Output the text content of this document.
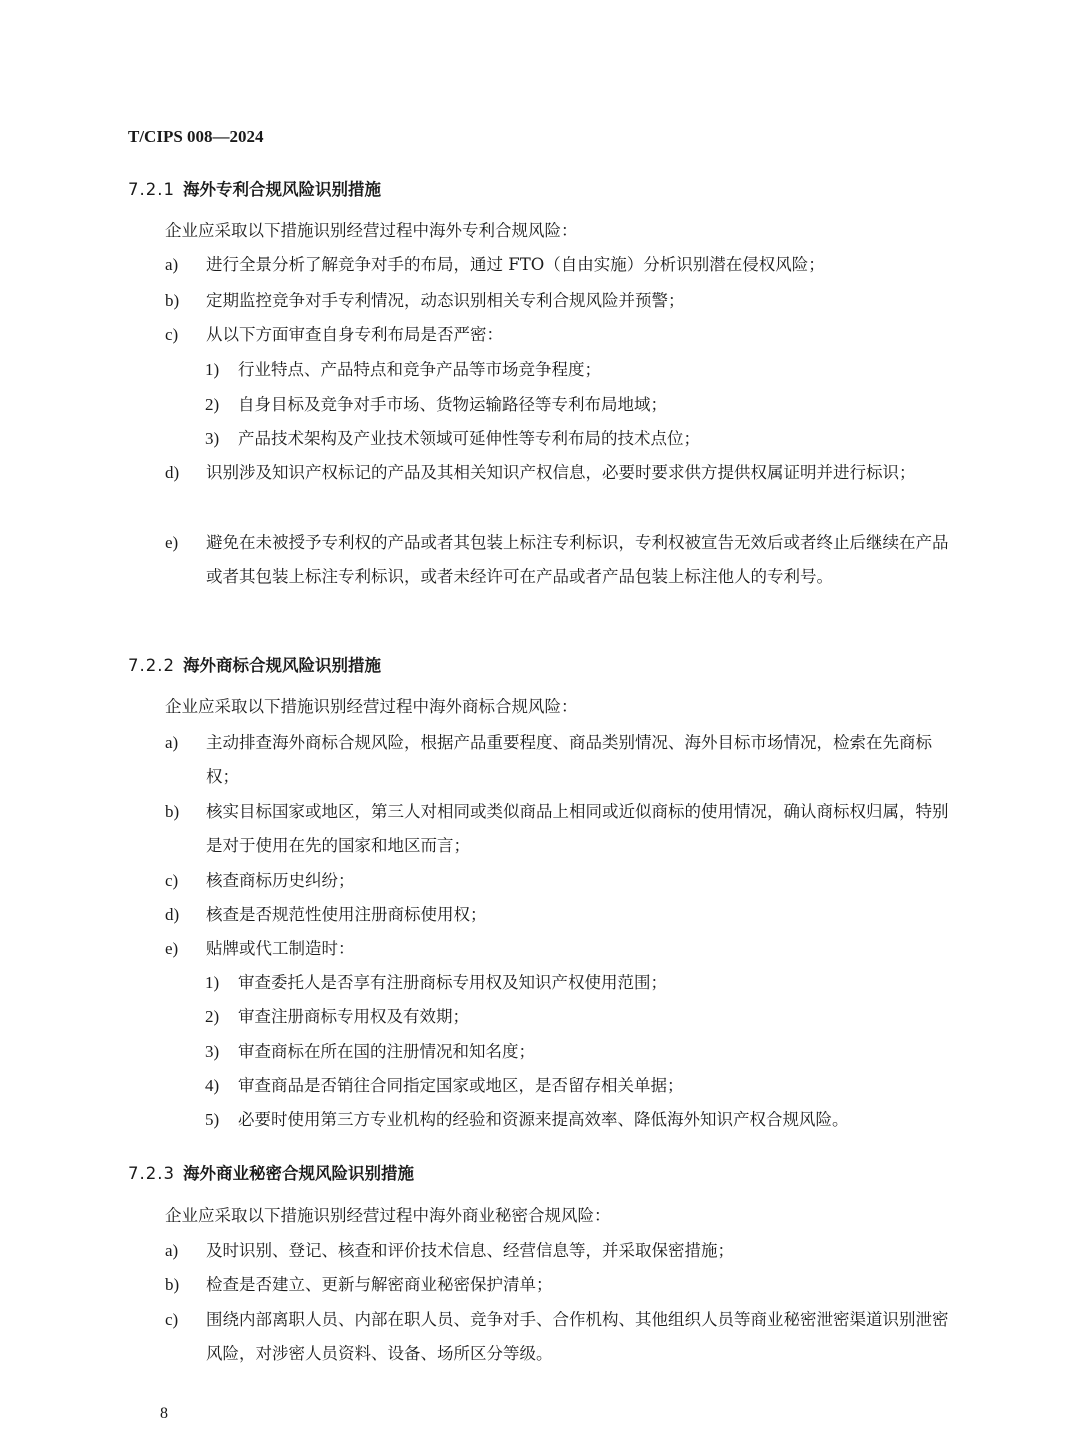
T/CIPS 008—2024
7.2.1 海外专利合规风险识别措施
企业应采取以下措施识别经营过程中海外专利合规风险：
a) 进行全景分析了解竞争对手的布局，通过 FTO（自由实施）分析识别潜在侵权风险；
b) 定期监控竞争对手专利情况，动态识别相关专利合规风险并预警；
c) 从以下方面审查自身专利布局是否严密：
1) 行业特点、产品特点和竞争产品等市场竞争程度；
2) 自身目标及竞争对手市场、货物运输路径等专利布局地域；
3) 产品技术架构及产业技术领域可延伸性等专利布局的技术点位；
d) 识别涉及知识产权标记的产品及其相关知识产权信息，必要时要求供方提供权属证明并进行标识；
e) 避免在未被授予专利权的产品或者其包装上标注专利标识，专利权被宣告无效后或者终止后继续在产品或者其包装上标注专利标识，或者未经许可在产品或者产品包装上标注他人的专利号。
7.2.2 海外商标合规风险识别措施
企业应采取以下措施识别经营过程中海外商标合规风险：
a) 主动排查海外商标合规风险，根据产品重要程度、商品类别情况、海外目标市场情况，检索在先商标权；
b) 核实目标国家或地区，第三人对相同或类似商品上相同或近似商标的使用情况，确认商标权归属，特别是对于使用在先的国家和地区而言；
c) 核查商标历史纠纷；
d) 核查是否规范性使用注册商标使用权；
e) 贴牌或代工制造时：
1) 审查委托人是否享有注册商标专用权及知识产权使用范围；
2) 审查注册商标专用权及有效期；
3) 审查商标在所在国的注册情况和知名度；
4) 审查商品是否销往合同指定国家或地区，是否留存相关单据；
5) 必要时使用第三方专业机构的经验和资源来提高效率、降低海外知识产权合规风险。
7.2.3 海外商业秘密合规风险识别措施
企业应采取以下措施识别经营过程中海外商业秘密合规风险：
a) 及时识别、登记、核查和评价技术信息、经营信息等，并采取保密措施；
b) 检查是否建立、更新与解密商业秘密保护清单；
c) 围绕内部离职人员、内部在职人员、竞争对手、合作机构、其他组织人员等商业秘密泄密渠道识别泄密风险，对涉密人员资料、设备、场所区分等级。
8
